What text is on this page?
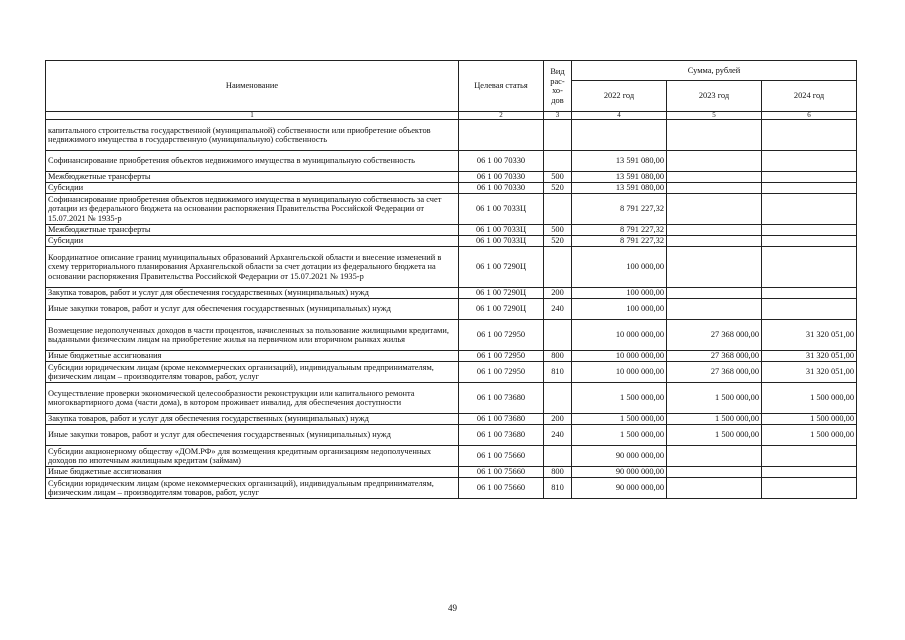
Наименование	Целевая статья	Вид рас-хо-дов	Сумма, рублей		
			2022 год	2023 год	2024 год
1	2	3	4	5	6
капитального строительства государственной (муниципальной) собственности или приобретение объектов недвижимого имущества в государственную (муниципальную) собственность					
Софинансирование приобретения объектов недвижимого имущества в муниципальную собственность	06 1 00 70330		13 591 080,00		
Межбюджетные трансферты	06 1 00 70330	500	13 591 080,00		
Субсидии	06 1 00 70330	520	13 591 080,00		
Софинансирование приобретения объектов недвижимого имущества в муниципальную собственность за счет дотации из федерального бюджета на основании распоряжения Правительства Российской Федерации от 15.07.2021 № 1935-р	06 1 00 7033Ц		8 791 227,32		
Межбюджетные трансферты	06 1 00 7033Ц	500	8 791 227,32		
Субсидии	06 1 00 7033Ц	520	8 791 227,32		
Координатное описание границ муниципальных образований Архангельской области и внесение изменений в схему территориального планирования Архангельской области за счет дотации из федерального бюджета на основании распоряжения Правительства Российской Федерации от 15.07.2021 № 1935-р	06 1 00 7290Ц		100 000,00		
Закупка товаров, работ и услуг для обеспечения государственных (муниципальных) нужд	06 1 00 7290Ц	200	100 000,00		
Иные закупки товаров, работ и услуг для обеспечения государственных (муниципальных) нужд	06 1 00 7290Ц	240	100 000,00		
Возмещение недополученных доходов в части процентов, начисленных за пользование жилищными кредитами, выданными физическим лицам на приобретение жилья на первичном или вторичном рынках жилья	06 1 00 72950		10 000 000,00	27 368 000,00	31 320 051,00
Иные бюджетные ассигнования	06 1 00 72950	800	10 000 000,00	27 368 000,00	31 320 051,00
Субсидии юридическим лицам (кроме некоммерческих организаций), индивидуальным предпринимателям, физическим лицам – производителям товаров, работ, услуг	06 1 00 72950	810	10 000 000,00	27 368 000,00	31 320 051,00
Осуществление проверки экономической целесообразности реконструкции или капитального ремонта многоквартирного дома (части дома), в котором проживает инвалид, для обеспечения доступности	06 1 00 73680		1 500 000,00	1 500 000,00	1 500 000,00
Закупка товаров, работ и услуг для обеспечения государственных (муниципальных) нужд	06 1 00 73680	200	1 500 000,00	1 500 000,00	1 500 000,00
Иные закупки товаров, работ и услуг для обеспечения государственных (муниципальных) нужд	06 1 00 73680	240	1 500 000,00	1 500 000,00	1 500 000,00
Субсидии акционерному обществу «ДОМ.РФ» для возмещения кредитным организациям недополученных доходов по ипотечным жилищным кредитам (займам)	06 1 00 75660		90 000 000,00		
Иные бюджетные ассигнования	06 1 00 75660	800	90 000 000,00		
Субсидии юридическим лицам (кроме некоммерческих организаций), индивидуальным предпринимателям, физическим лицам – производителям товаров, работ, услуг	06 1 00 75660	810	90 000 000,00		
49
